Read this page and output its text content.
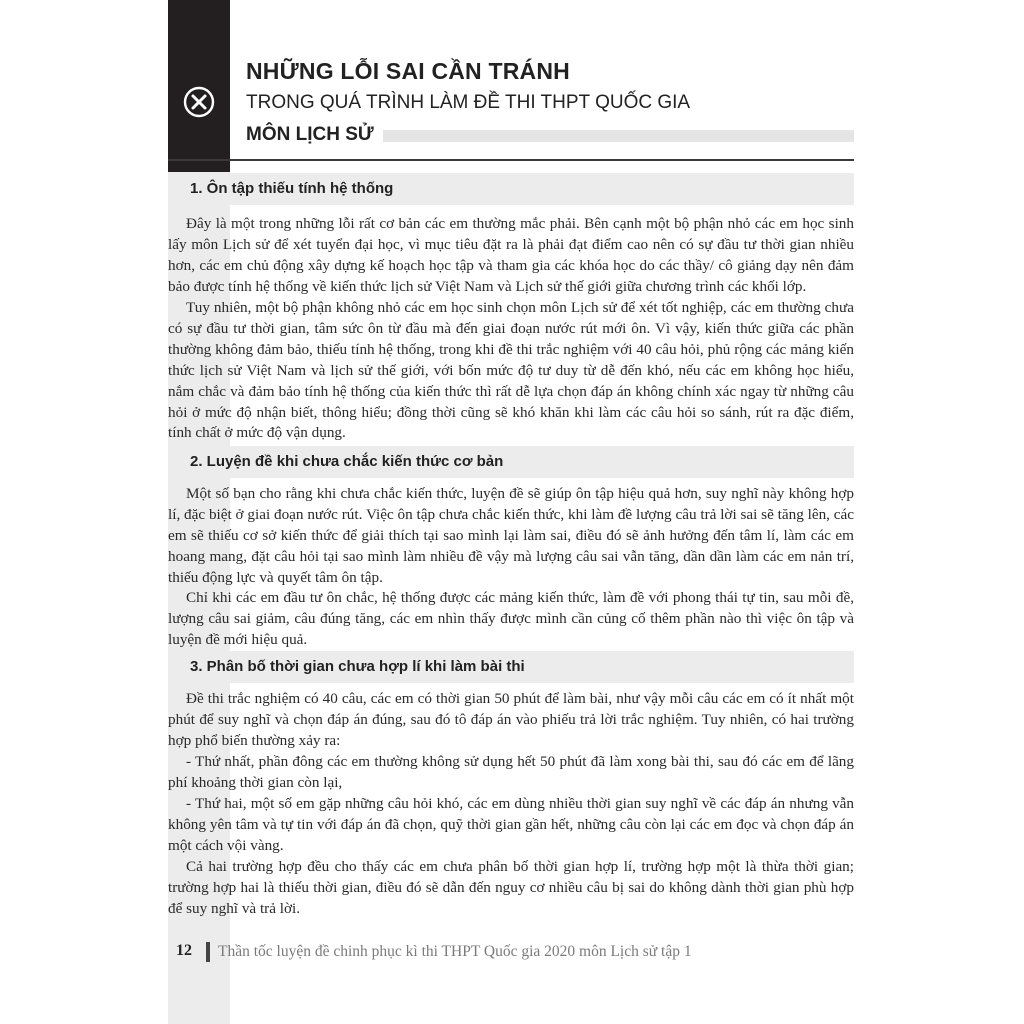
NHỮNG LỖI SAI CẦN TRÁNH
TRONG QUÁ TRÌNH LÀM ĐỀ THI THPT QUỐC GIA
MÔN LỊCH SỬ
1. Ôn tập thiếu tính hệ thống
Đây là một trong những lỗi rất cơ bản các em thường mắc phải. Bên cạnh một bộ phận nhỏ các em học sinh lấy môn Lịch sử để xét tuyển đại học, vì mục tiêu đặt ra là phải đạt điểm cao nên có sự đầu tư thời gian nhiều hơn, các em chủ động xây dựng kế hoạch học tập và tham gia các khóa học do các thầy/ cô giảng dạy nên đảm bảo được tính hệ thống về kiến thức lịch sử Việt Nam và Lịch sử thế giới giữa chương trình các khối lớp.
Tuy nhiên, một bộ phận không nhỏ các em học sinh chọn môn Lịch sử để xét tốt nghiệp, các em thường chưa có sự đầu tư thời gian, tâm sức ôn từ đầu mà đến giai đoạn nước rút mới ôn. Vì vậy, kiến thức giữa các phần thường không đảm bảo, thiếu tính hệ thống, trong khi đề thi trắc nghiệm với 40 câu hỏi, phủ rộng các mảng kiến thức lịch sử Việt Nam và lịch sử thế giới, với bốn mức độ tư duy từ dễ đến khó, nếu các em không học hiểu, nắm chắc và đảm bảo tính hệ thống của kiến thức thì rất dễ lựa chọn đáp án không chính xác ngay từ những câu hỏi ở mức độ nhận biết, thông hiểu; đồng thời cũng sẽ khó khăn khi làm các câu hỏi so sánh, rút ra đặc điểm, tính chất ở mức độ vận dụng.
2. Luyện đề khi chưa chắc kiến thức cơ bản
Một số bạn cho rằng khi chưa chắc kiến thức, luyện đề sẽ giúp ôn tập hiệu quả hơn, suy nghĩ này không hợp lí, đặc biệt ở giai đoạn nước rút. Việc ôn tập chưa chắc kiến thức, khi làm đề lượng câu trả lời sai sẽ tăng lên, các em sẽ thiếu cơ sở kiến thức để giải thích tại sao mình lại làm sai, điều đó sẽ ảnh hưởng đến tâm lí, làm các em hoang mang, đặt câu hỏi tại sao mình làm nhiều đề vậy mà lượng câu sai vẫn tăng, dần dần làm các em nản trí, thiếu động lực và quyết tâm ôn tập.
Chỉ khi các em đầu tư ôn chắc, hệ thống được các mảng kiến thức, làm đề với phong thái tự tin, sau mỗi đề, lượng câu sai giảm, câu đúng tăng, các em nhìn thấy được mình cần củng cố thêm phần nào thì việc ôn tập và luyện đề mới hiệu quả.
3. Phân bố thời gian chưa hợp lí khi làm bài thi
Đề thi trắc nghiệm có 40 câu, các em có thời gian 50 phút để làm bài, như vậy mỗi câu các em có ít nhất một phút để suy nghĩ và chọn đáp án đúng, sau đó tô đáp án vào phiếu trả lời trắc nghiệm. Tuy nhiên, có hai trường hợp phổ biến thường xảy ra:
- Thứ nhất, phần đông các em thường không sử dụng hết 50 phút đã làm xong bài thi, sau đó các em để lãng phí khoảng thời gian còn lại,
- Thứ hai, một số em gặp những câu hỏi khó, các em dùng nhiều thời gian suy nghĩ về các đáp án nhưng vẫn không yên tâm và tự tin với đáp án đã chọn, quỹ thời gian gần hết, những câu còn lại các em đọc và chọn đáp án một cách vội vàng.
Cả hai trường hợp đều cho thấy các em chưa phân bố thời gian hợp lí, trường hợp một là thừa thời gian; trường hợp hai là thiếu thời gian, điều đó sẽ dẫn đến nguy cơ nhiều câu bị sai do không dành thời gian phù hợp để suy nghĩ và trả lời.
12 Thần tốc luyện đề chinh phục kì thi THPT Quốc gia 2020 môn Lịch sử tập 1
